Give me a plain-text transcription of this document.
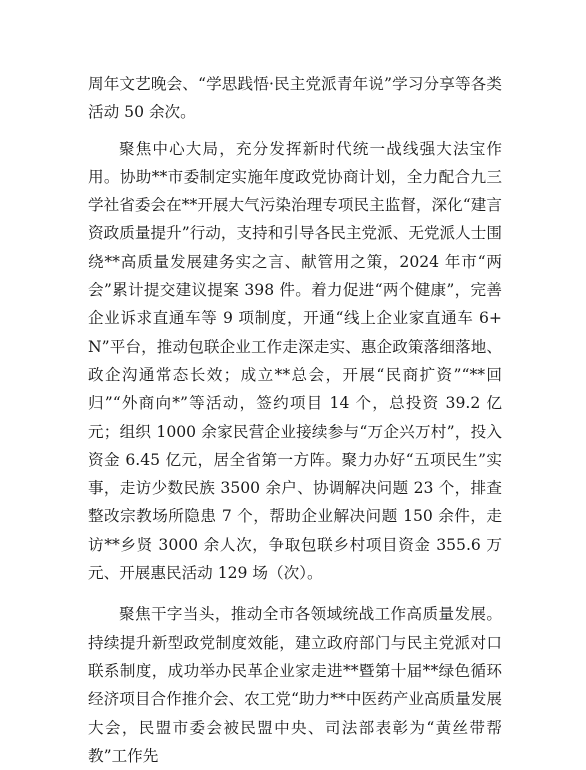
周年文艺晚会、“学思践悟·民主党派青年说”学习分享等各类活动 50 余次。

聚焦中心大局，充分发挥新时代统一战线强大法宝作用。协助**市委制定实施年度政党协商计划，全力配合九三学社省委会在**开展大气污染治理专项民主监督，深化“建言资政质量提升”行动，支持和引导各民主党派、无党派人士围绕**高质量发展建务实之言、献管用之策，2024 年市“两会”累计提交建议提案 398 件。着力促进“两个健康”，完善企业诉求直通车等 9 项制度，开通“线上企业家直通车 6+N”平台，推动包联企业工作走深走实、惠企政策落细落地、政企沟通常态长效；成立**总会，开展“民商扩资”“**回归”“外商向*”等活动，签约项目 14 个，总投资 39.2 亿元；组织 1000 余家民营企业接续参与“万企兴万村”，投入资金 6.45 亿元，居全省第一方阵。聚力办好“五项民生”实事，走访少数民族 3500 余户、协调解决问题 23 个，排查整改宗教场所隐患 7 个，帮助企业解决问题 150 余件，走访**乡贤 3000 余人次，争取包联乡村项目资金 355.6 万元、开展惠民活动 129 场（次）。

聚焦干字当头，推动全市各领域统战工作高质量发展。持续提升新型政党制度效能，建立政府部门与民主党派对口联系制度，成功举办民革企业家走进**暨第十届**绿色循环经济项目合作推介会、农工党“助力**中医药产业高质量发展大会，民盟市委会被民盟中央、司法部表彰为“黄丝带帮教”工作先
